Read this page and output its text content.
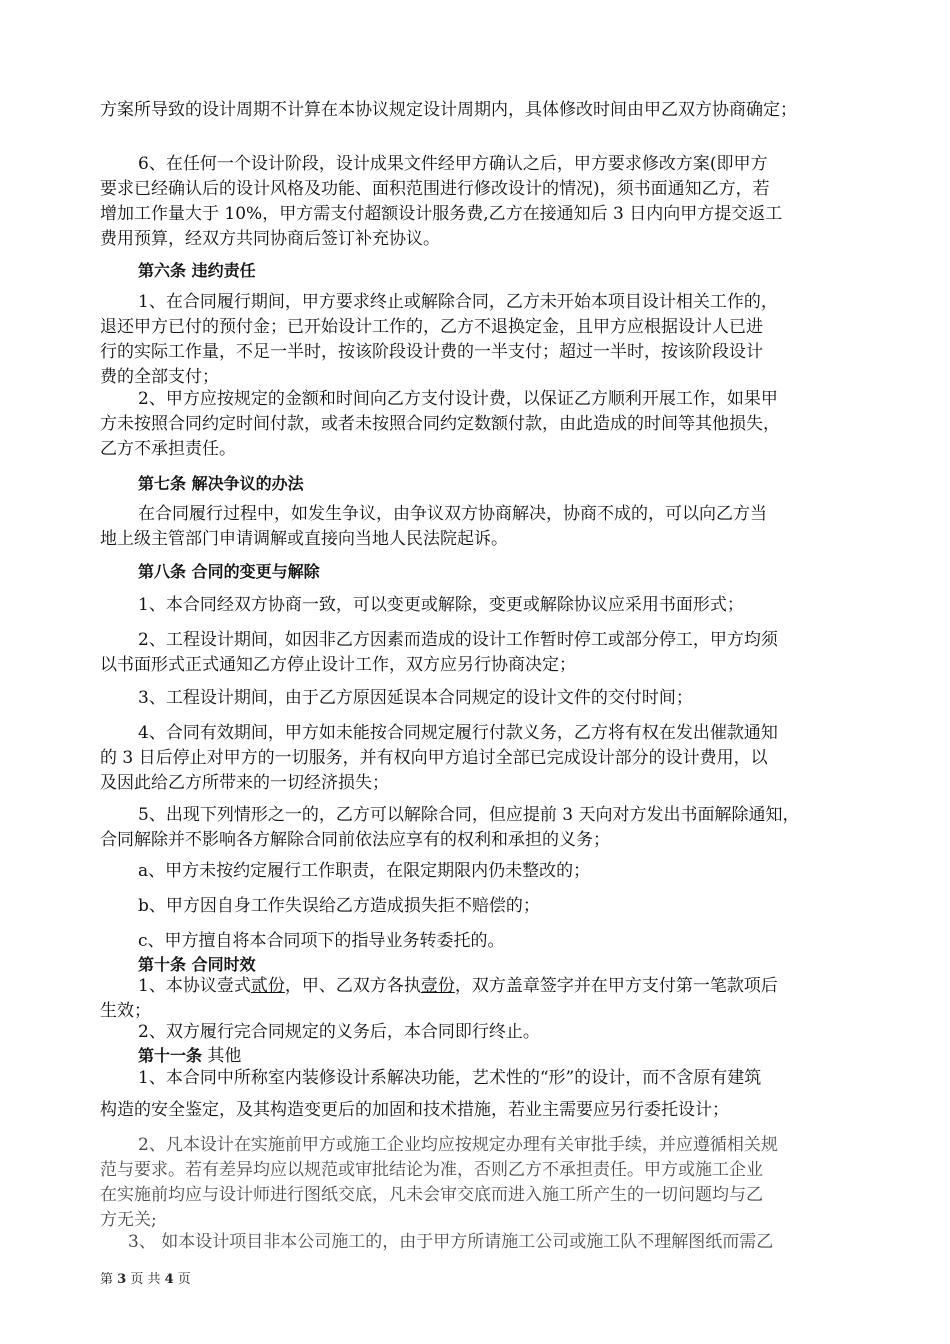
方案所导致的设计周期不计算在本协议规定设计周期内，具体修改时间由甲乙双方协商确定；
6、在任何一个设计阶段，设计成果文件经甲方确认之后，甲方要求修改方案(即甲方
要求已经确认后的设计风格及功能、面积范围进行修改设计的情况)，须书面通知乙方，若
增加工作量大于 10%，甲方需支付超额设计服务费,乙方在接通知后 3 日内向甲方提交返工
费用预算，经双方共同协商后签订补充协议。
第六条 违约责任
1、在合同履行期间，甲方要求终止或解除合同，乙方未开始本项目设计相关工作的，
退还甲方已付的预付金；已开始设计工作的，乙方不退换定金，且甲方应根据设计人已进
行的实际工作量，不足一半时，按该阶段设计费的一半支付；超过一半时，按该阶段设计
费的全部支付；
2、甲方应按规定的金额和时间向乙方支付设计费，以保证乙方顺利开展工作，如果甲
方未按照合同约定时间付款，或者未按照合同约定数额付款，由此造成的时间等其他损失，
乙方不承担责任。
第七条 解决争议的办法
在合同履行过程中，如发生争议，由争议双方协商解决，协商不成的，可以向乙方当
地上级主管部门申请调解或直接向当地人民法院起诉。
第八条 合同的变更与解除
1、本合同经双方协商一致，可以变更或解除，变更或解除协议应采用书面形式；
2、工程设计期间，如因非乙方因素而造成的设计工作暂时停工或部分停工，甲方均须
以书面形式正式通知乙方停止设计工作，双方应另行协商决定；
3、工程设计期间，由于乙方原因延误本合同规定的设计文件的交付时间；
4、合同有效期间，甲方如未能按合同规定履行付款义务，乙方将有权在发出催款通知
的 3 日后停止对甲方的一切服务，并有权向甲方追讨全部已完成设计部分的设计费用，以
及因此给乙方所带来的一切经济损失；
5、出现下列情形之一的，乙方可以解除合同，但应提前 3 天向对方发出书面解除通知，
合同解除并不影响各方解除合同前依法应享有的权利和承担的义务；
a、甲方未按约定履行工作职责，在限定期限内仍未整改的；
b、甲方因自身工作失误给乙方造成损失拒不赔偿的；
c、甲方擅自将本合同项下的指导业务转委托的。
第十条 合同时效
1、本协议壹式贰份，甲、乙双方各执壹份，双方盖章签字并在甲方支付第一笔款项后
生效；
2、双方履行完合同规定的义务后，本合同即行终止。
第十一条 其他
1、本合同中所称室内装修设计系解决功能，艺术性的“形”的设计，而不含原有建筑
构造的安全鉴定，及其构造变更后的加固和技术措施，若业主需要应另行委托设计；
2、凡本设计在实施前甲方或施工企业均应按规定办理有关审批手续，并应遵循相关规
范与要求。若有差异均应以规范或审批结论为准，否则乙方不承担责任。甲方或施工企业
在实施前均应与设计师进行图纸交底，凡未会审交底而进入施工所产生的一切问题均与乙
方无关;
3、 如本设计项目非本公司施工的，由于甲方所请施工公司或施工队不理解图纸而需乙
第 3 页 共 4 页
